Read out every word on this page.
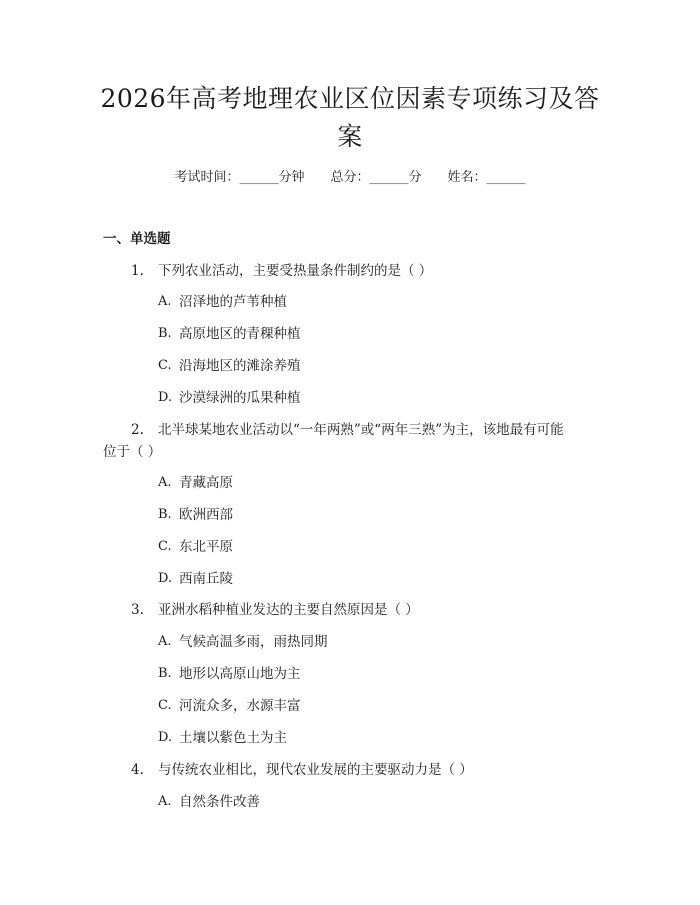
2026年高考地理农业区位因素专项练习及答案
考试时间：______分钟 总分：______分 姓名：______
一、单选题
1. 下列农业活动，主要受热量条件制约的是（ ）
A. 沼泽地的芦苇种植
B. 高原地区的青稞种植
C. 沿海地区的滩涂养殖
D. 沙漠绿洲的瓜果种植
2. 北半球某地农业活动以“一年两熟”或“两年三熟”为主，该地最有可能
位于（ ）
A. 青藏高原
B. 欧洲西部
C. 东北平原
D. 西南丘陵
3. 亚洲水稻种植业发达的主要自然原因是（ ）
A. 气候高温多雨，雨热同期
B. 地形以高原山地为主
C. 河流众多，水源丰富
D. 土壤以紫色土为主
4. 与传统农业相比，现代农业发展的主要驱动力是（ ）
A. 自然条件改善
